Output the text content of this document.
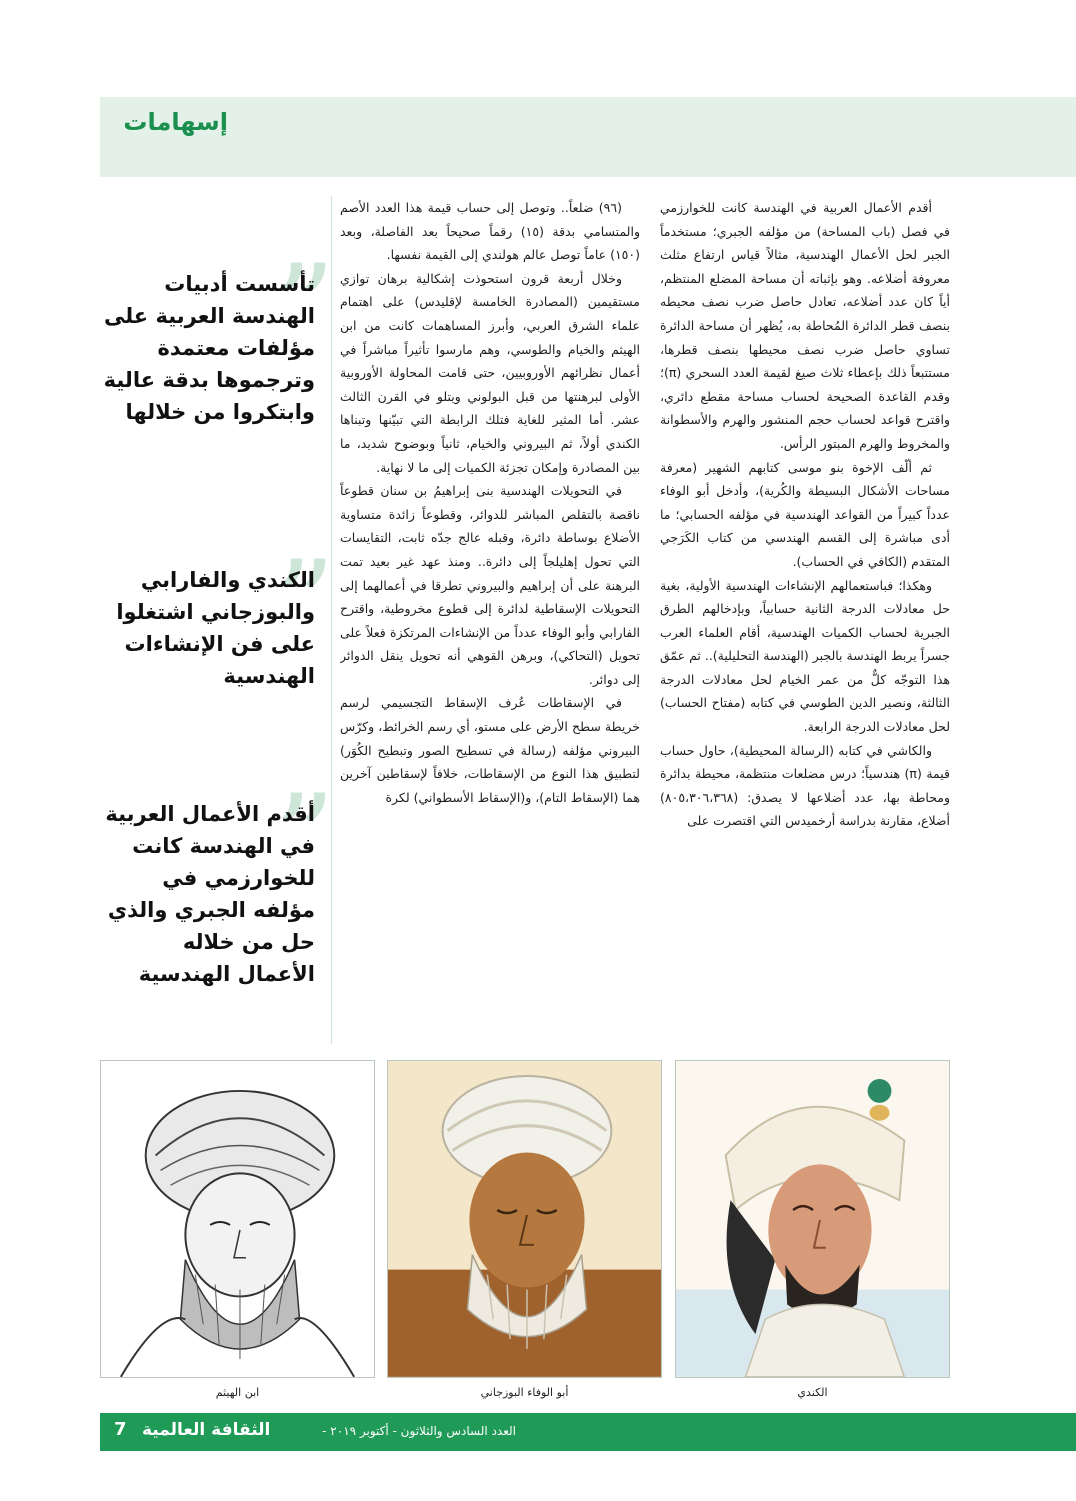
إسهامات

أقدم الأعمال العربية في الهندسة كانت للخوارزمي في فصل (باب المساحة) من مؤلفه الجبري؛ مستخدماً الجبر لحل الأعمال الهندسية، مثالاً قياس ارتفاع مثلث معروفة أضلاعه. وهو بإثباته أن مساحة المضلع المنتظم، أياً كان عدد أضلاعه، تعادل حاصل ضرب نصف محيطه بنصف قطر الدائرة المُحاطة به، يُظهر أن مساحة الدائرة تساوي حاصل ضرب نصف محيطها بنصف قطرها، مستتبعاً ذلك بإعطاء ثلاث صيغ لقيمة العدد السحري (π)؛ وقدم القاعدة الصحيحة لحساب مساحة مقطع دائري، واقترح قواعد لحساب حجم المنشور والهرم والأسطوانة والمخروط والهرم المبتور الرأس.

ثم ألّف الإخوة بنو موسى كتابهم الشهير (معرفة مساحات الأشكال البسيطة والكُرية)، وأدخل أبو الوفاء عدداً كبيراً من القواعد الهندسية في مؤلفه الحسابي؛ ما أدى مباشرة إلى القسم الهندسي من كتاب الكَرَجي المتقدم (الكافي في الحساب).

وهكذا؛ فباستعمالهم الإنشاءات الهندسية الأولية، بغية حل معادلات الدرجة الثانية حسابياً، وبإدخالهم الطرق الجبرية لحساب الكميات الهندسية، أقام العلماء العرب جسراً يربط الهندسة بالجبر (الهندسة التحليلية).. ثم عمّق هذا التوجّه كلٌّ من عمر الخيام لحل معادلات الدرجة الثالثة، ونصير الدين الطوسي في كتابه (مفتاح الحساب) لحل معادلات الدرجة الرابعة.

والكاشي في كتابه (الرسالة المحيطية)، حاول حساب قيمة (π) هندسياً؛ درس مضلعات منتظمة، محيطة بدائرة ومحاطة بها، عدد أضلاعها لا يصدق: (٨٠٥،٣٠٦،٣٦٨) أضلاع، مقارنة بدراسة أرخميدس التي اقتصرت على

(٩٦) ضلعاً.. وتوصل إلى حساب قيمة هذا العدد الأصم والمتسامي بدقة (١٥) رقماً صحيحاً بعد الفاصلة، وبعد (١٥٠) عاماً توصل عالم هولندي إلى القيمة نفسها.

وخلال أربعة قرون استحوذت إشكالية برهان توازي مستقيمين (المصادرة الخامسة لإقليدس) على اهتمام علماء الشرق العربي، وأبرز المساهمات كانت من ابن الهيثم والخيام والطوسي، وهم مارسوا تأثيراً مباشراً في أعمال نظرائهم الأوروبيين، حتى قامت المحاولة الأوروبية الأولى لبرهنتها من قبل البولوني ويتلو في القرن الثالث عشر. أما المثير للغاية فتلك الرابطة التي تبيّنها وتبناها الكندي أولاً، ثم البيروني والخيام، ثانياً وبوضوح شديد، ما بين المصادرة وإمكان تجزئة الكميات إلى ما لا نهاية.

في التحويلات الهندسية بنى إبراهيمُ بن سنان قطوعاً ناقصة بالتقلص المباشر للدوائر، وقطوعاً زائدة متساوية الأضلاع بوساطة دائرة، وقبله عالج جدّه ثابت، التقايسات التي تحول إهليلجاً إلى دائرة.. ومنذ عهد غير بعيد تمت البرهنة على أن إبراهيم والبيروني تطرقا في أعمالهما إلى التحويلات الإسقاطية لدائرة إلى قطوع مخروطية، واقترح الفارابي وأبو الوفاء عدداً من الإنشاءات المرتكزة فعلاً على تحويل (التحاكي)، وبرهن القوهي أنه تحويل ينقل الدوائر إلى دوائر.

في الإسقاطات عُرف الإسقاط التجسيمي لرسم خريطة سطح الأرض على مستو، أي رسم الخرائط، وكرّس البيروني مؤلفه (رسالة في تسطيح الصور وتبطيح الكُوَر) لتطبيق هذا النوع من الإسقاطات، خلافاً لإسقاطين آخرين هما (الإسقاط التام)، و(الإسقاط الأسطواني) لكرة

”

تأسست أدبيات الهندسة العربية على مؤلفات معتمدة وترجموها بدقة عالية وابتكروا من خلالها

”

الكندي والفارابي والبوزجاني اشتغلوا على فن الإنشاءات الهندسية

”

أقدم الأعمال العربية في الهندسة كانت للخوارزمي في مؤلفه الجبري والذي حل من خلاله الأعمال الهندسية

ابن الهيثم	أبو الوفاء البوزجاني	الكندي
العدد السادس والثلاثون - أكتوبر ٢٠١٩ -
الثقافة العالمية
7
